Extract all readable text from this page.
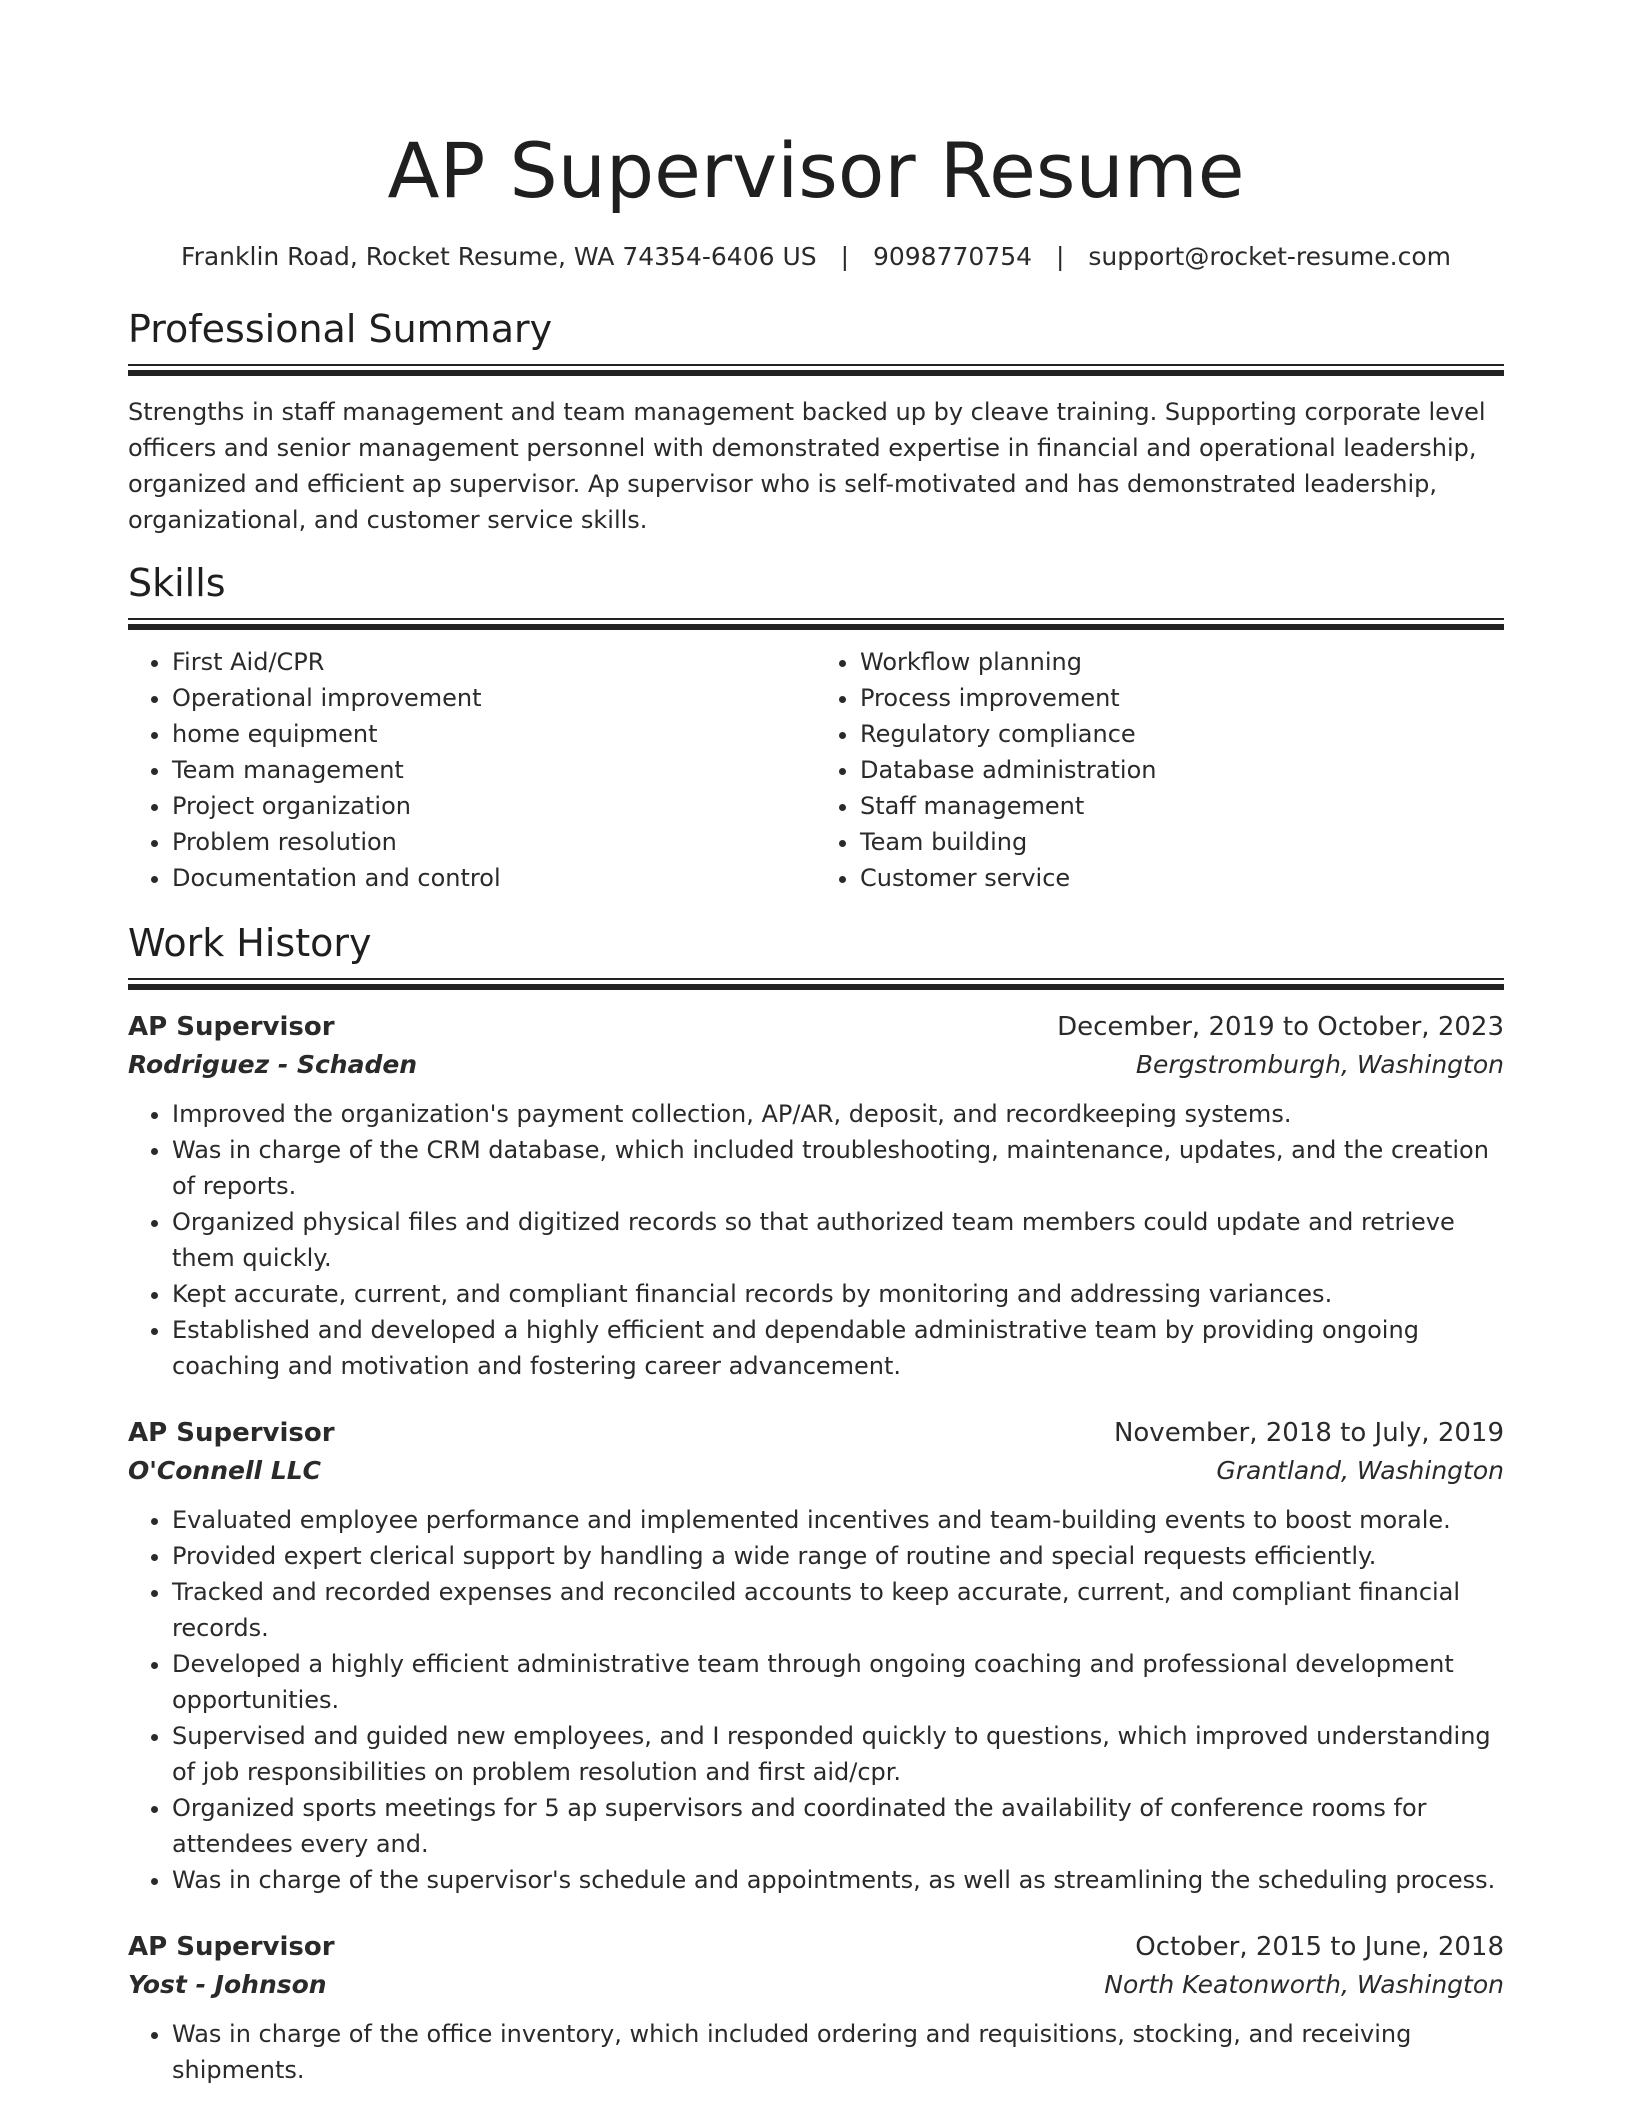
AP Supervisor Resume
Franklin Road, Rocket Resume, WA 74354-6406 US | 9098770754 | support@rocket-resume.com
Professional Summary

Strengths in staff management and team management backed up by cleave training. Supporting corporate level officers and senior management personnel with demonstrated expertise in financial and operational leadership, organized and efficient ap supervisor. Ap supervisor who is self-motivated and has demonstrated leadership, organizational, and customer service skills.

Skills
• First Aid/CPR
• Operational improvement
• home equipment
• Team management
• Project organization
• Problem resolution
• Documentation and control
• Workflow planning
• Process improvement
• Regulatory compliance
• Database administration
• Staff management
• Team building
• Customer service
Work History
AP Supervisor	December, 2019 to October, 2023
Rodriguez - Schaden	Bergstromburgh, Washington
• Improved the organization's payment collection, AP/AR, deposit, and recordkeeping systems.
• Was in charge of the CRM database, which included troubleshooting, maintenance, updates, and the creation of reports.
• Organized physical files and digitized records so that authorized team members could update and retrieve them quickly.
• Kept accurate, current, and compliant financial records by monitoring and addressing variances.
• Established and developed a highly efficient and dependable administrative team by providing ongoing coaching and motivation and fostering career advancement.
AP Supervisor	November, 2018 to July, 2019
O'Connell LLC	Grantland, Washington
• Evaluated employee performance and implemented incentives and team-building events to boost morale.
• Provided expert clerical support by handling a wide range of routine and special requests efficiently.
• Tracked and recorded expenses and reconciled accounts to keep accurate, current, and compliant financial records.
• Developed a highly efficient administrative team through ongoing coaching and professional development opportunities.
• Supervised and guided new employees, and I responded quickly to questions, which improved understanding of job responsibilities on problem resolution and first aid/cpr.
• Organized sports meetings for 5 ap supervisors and coordinated the availability of conference rooms for attendees every and.
• Was in charge of the supervisor's schedule and appointments, as well as streamlining the scheduling process.
AP Supervisor	October, 2015 to June, 2018
Yost - Johnson	North Keatonworth, Washington
• Was in charge of the office inventory, which included ordering and requisitions, stocking, and receiving shipments.
